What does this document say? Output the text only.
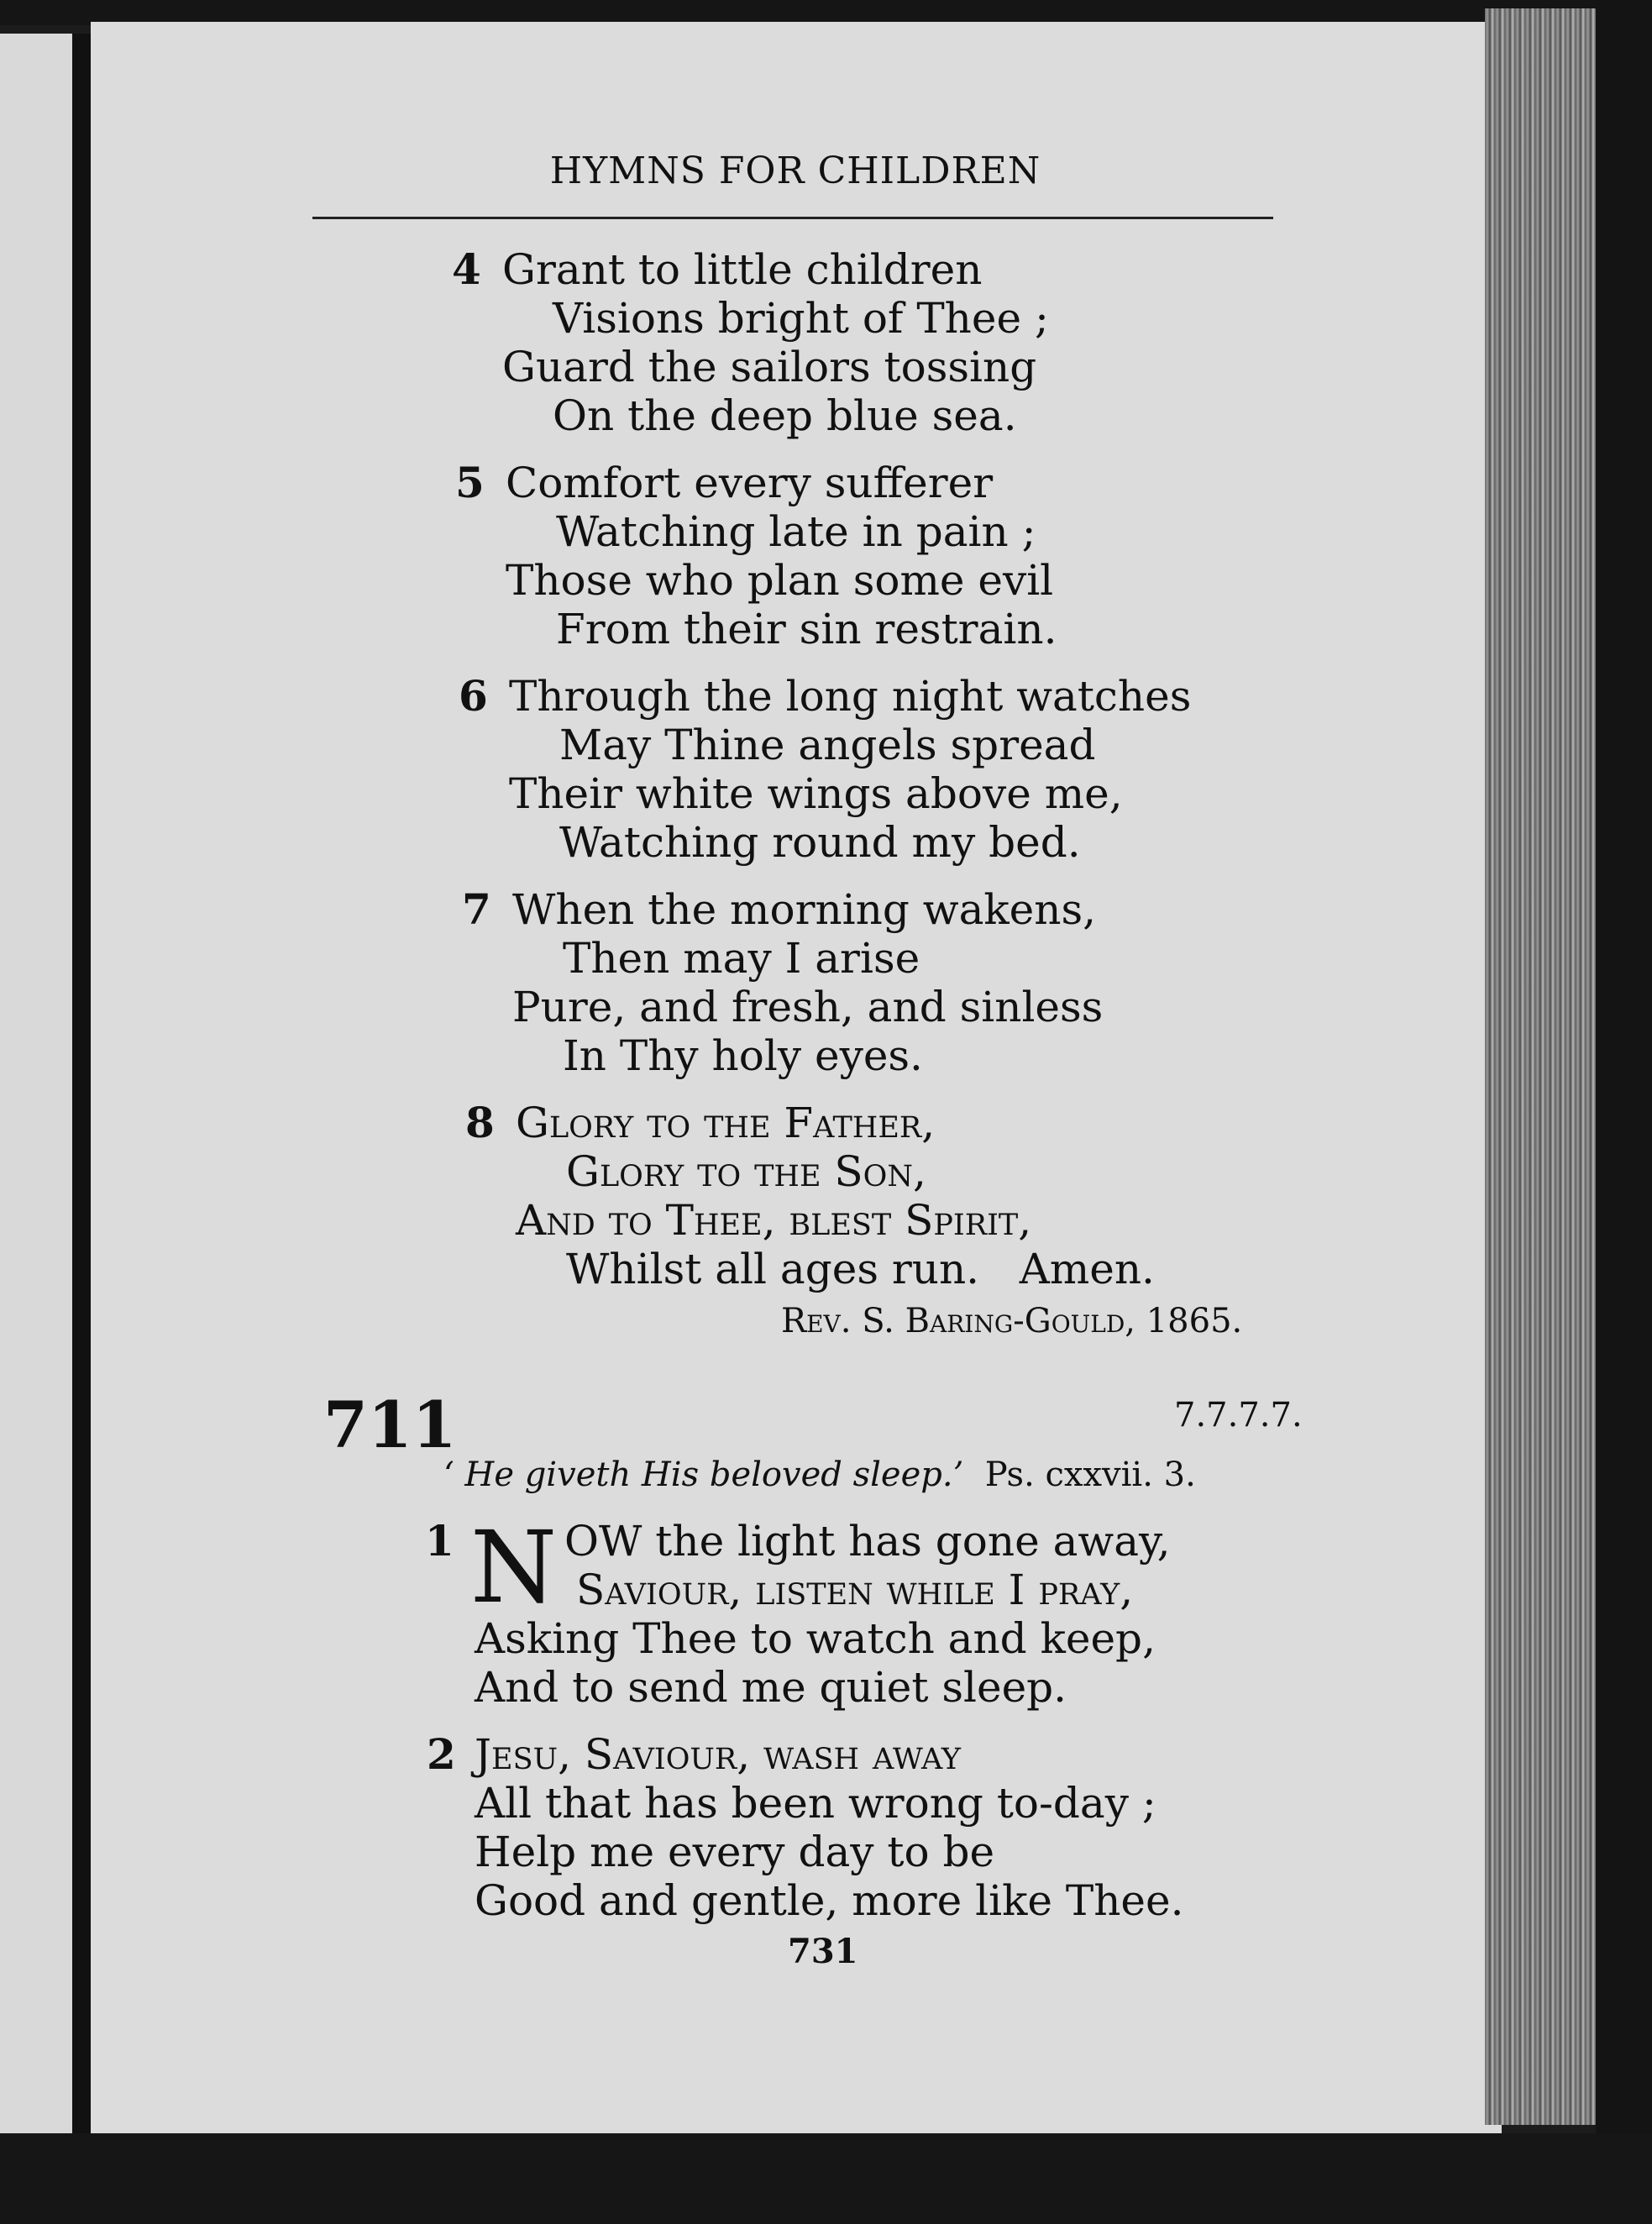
HYMNS FOR CHILDREN
4 Grant to little children
Visions bright of Thee ;
Guard the sailors tossing
On the deep blue sea.
5 Comfort every sufferer
Watching late in pain ;
Those who plan some evil
From their sin restrain.
6 Through the long night watches
May Thine angels spread
Their white wings above me,
Watching round my bed.
7 When the morning wakens,
Then may I arise
Pure, and fresh, and sinless
In Thy holy eyes.
8 Glory to the Father,
Glory to the Son,
And to Thee, blest Spirit,
Whilst all ages run.   Amen.
Rev. S. Baring-Gould, 1865.
711	7.7.7.7.
‘ He giveth His beloved sleep.’ Ps. cxxvii. 3.
1 N OW the light has gone away,
Saviour, listen while I pray,
Asking Thee to watch and keep,
And to send me quiet sleep.
2 Jesu, Saviour, wash away
All that has been wrong to-day ;
Help me every day to be
Good and gentle, more like Thee.
731
